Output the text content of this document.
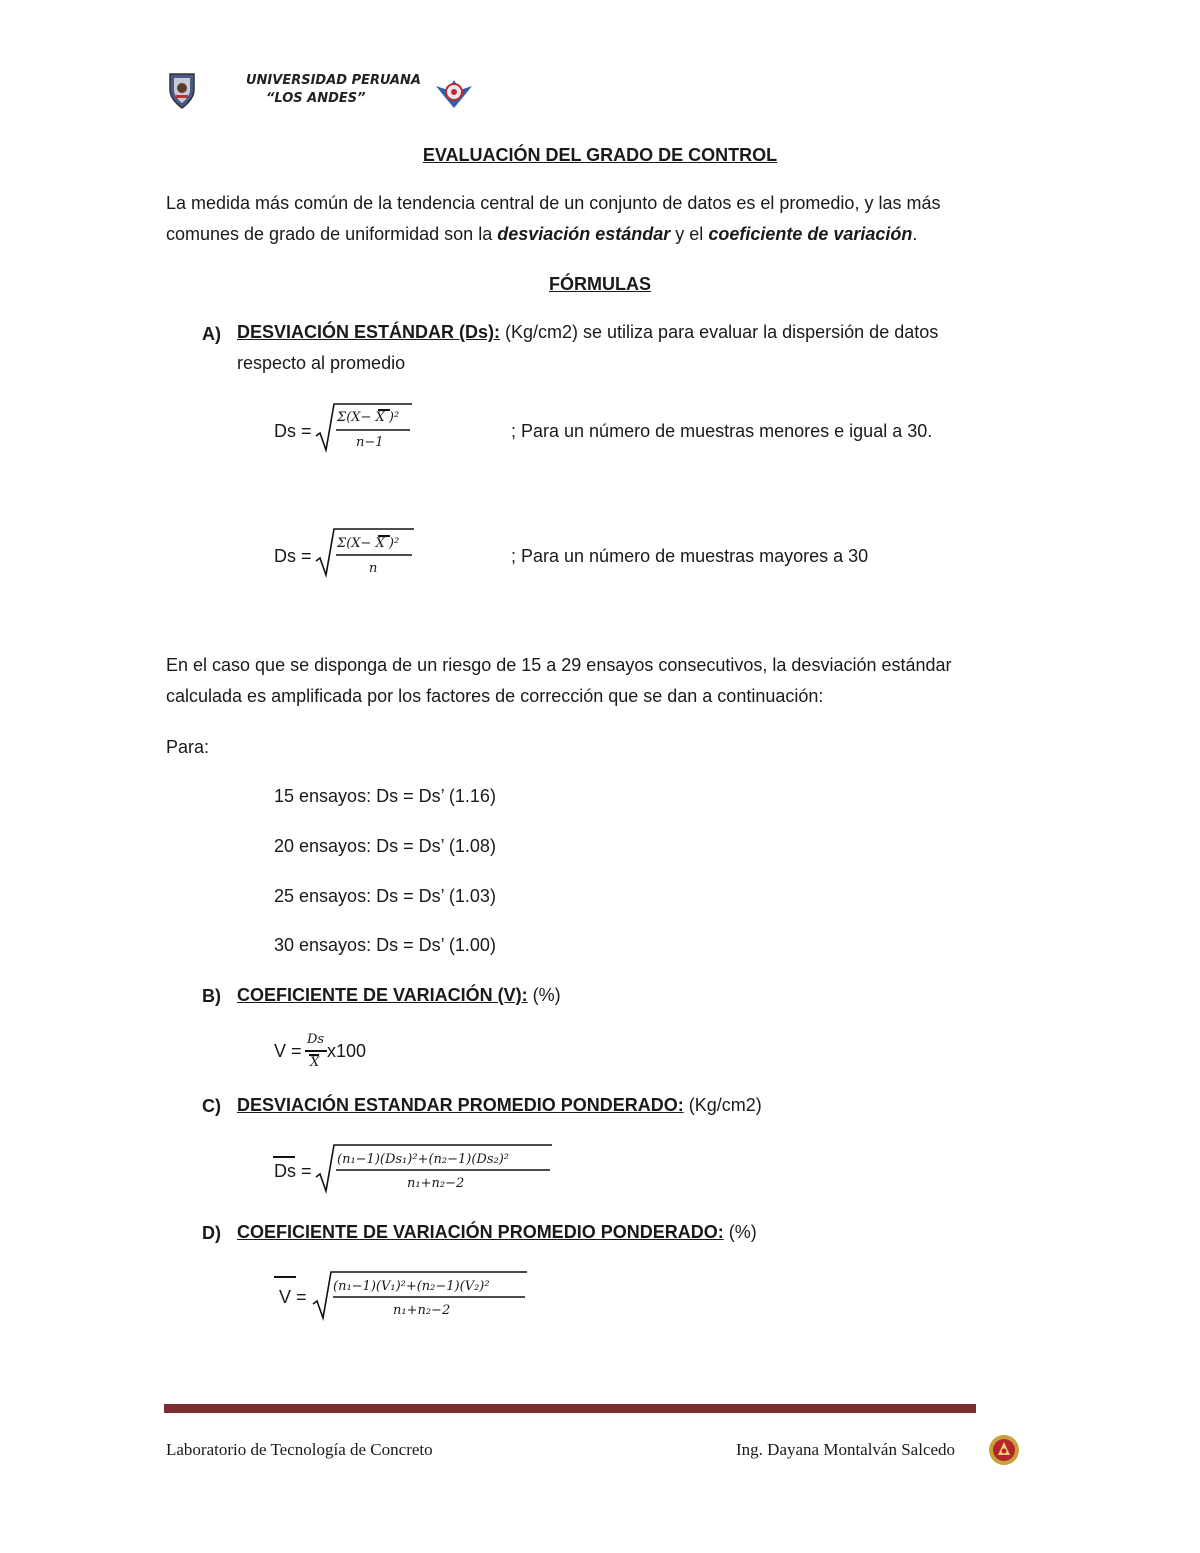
UNIVERSIDAD PERUANA
“LOS ANDES”
EVALUACIÓN DEL GRADO DE CONTROL
La medida más común de la tendencia central de un conjunto de datos es el promedio, y las más
comunes de grado de uniformidad son la desviación estándar y el coeficiente de variación.
FÓRMULAS
A) DESVIACIÓN ESTÁNDAR (Ds): (Kg/cm2) se utiliza para evaluar la dispersión de datos
respecto al promedio
Ds =
Σ(X− X )²
n−1
; Para un número de muestras menores e igual a 30.
Ds =
Σ(X− X )²
n
; Para un número de muestras mayores a 30
En el caso que se disponga de un riesgo de 15 a 29 ensayos consecutivos, la desviación estándar
calculada es amplificada por los factores de corrección que se dan a continuación:
Para:
15 ensayos: Ds = Ds’ (1.16)
20 ensayos: Ds = Ds’ (1.08)
25 ensayos: Ds = Ds’ (1.03)
30 ensayos: Ds = Ds’ (1.00)
B) COEFICIENTE DE VARIACIÓN (V): (%)
V =
Ds
X
x100
C) DESVIACIÓN ESTANDAR PROMEDIO PONDERADO: (Kg/cm2)
Ds =
(n₁−1)(Ds₁)²+(n₂−1)(Ds₂)²
n₁+n₂−2
D) COEFICIENTE DE VARIACIÓN PROMEDIO PONDERADO: (%)
V =
(n₁−1)(V₁)²+(n₂−1)(V₂)²
n₁+n₂−2
Laboratorio de Tecnología de Concreto	Ing. Dayana Montalván Salcedo
